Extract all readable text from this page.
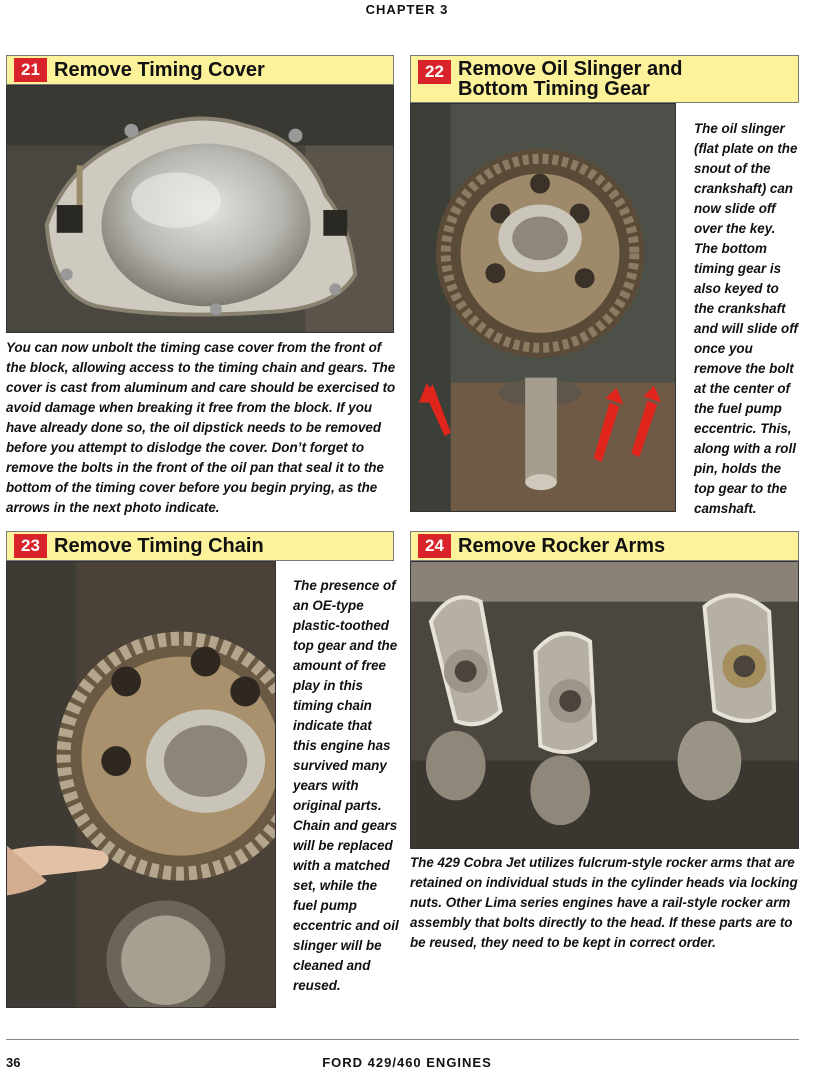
CHAPTER 3
21 Remove Timing Cover
You can now unbolt the timing case cover from the front of the block, allowing access to the timing chain and gears. The cover is cast from aluminum and care should be exercised to avoid damage when breaking it free from the block. If you have already done so, the oil dipstick needs to be removed before you attempt to dislodge the cover. Don’t forget to remove the bolts in the front of the oil pan that seal it to the bottom of the timing cover before you begin prying, as the arrows in the next photo indicate.
22 Remove Oil Slinger and
Bottom Timing Gear
The oil slinger (flat plate on the snout of the crankshaft) can now slide off over the key. The bottom timing gear is also keyed to the crankshaft and will slide off once you remove the bolt at the center of the fuel pump eccentric. This, along with a roll pin, holds the top gear to the camshaft.
23 Remove Timing Chain
The presence of an OE-type plastic-toothed top gear and the amount of free play in this timing chain indicate that this engine has survived many years with original parts. Chain and gears will be replaced with a matched set, while the fuel pump eccentric and oil slinger will be cleaned and reused.
24 Remove Rocker Arms
The 429 Cobra Jet utilizes fulcrum-style rocker arms that are retained on individual studs in the cylinder heads via locking nuts. Other Lima series engines have a rail-style rocker arm assembly that bolts directly to the head. If these parts are to be reused, they need to be kept in correct order.
36	FORD 429/460 ENGINES
